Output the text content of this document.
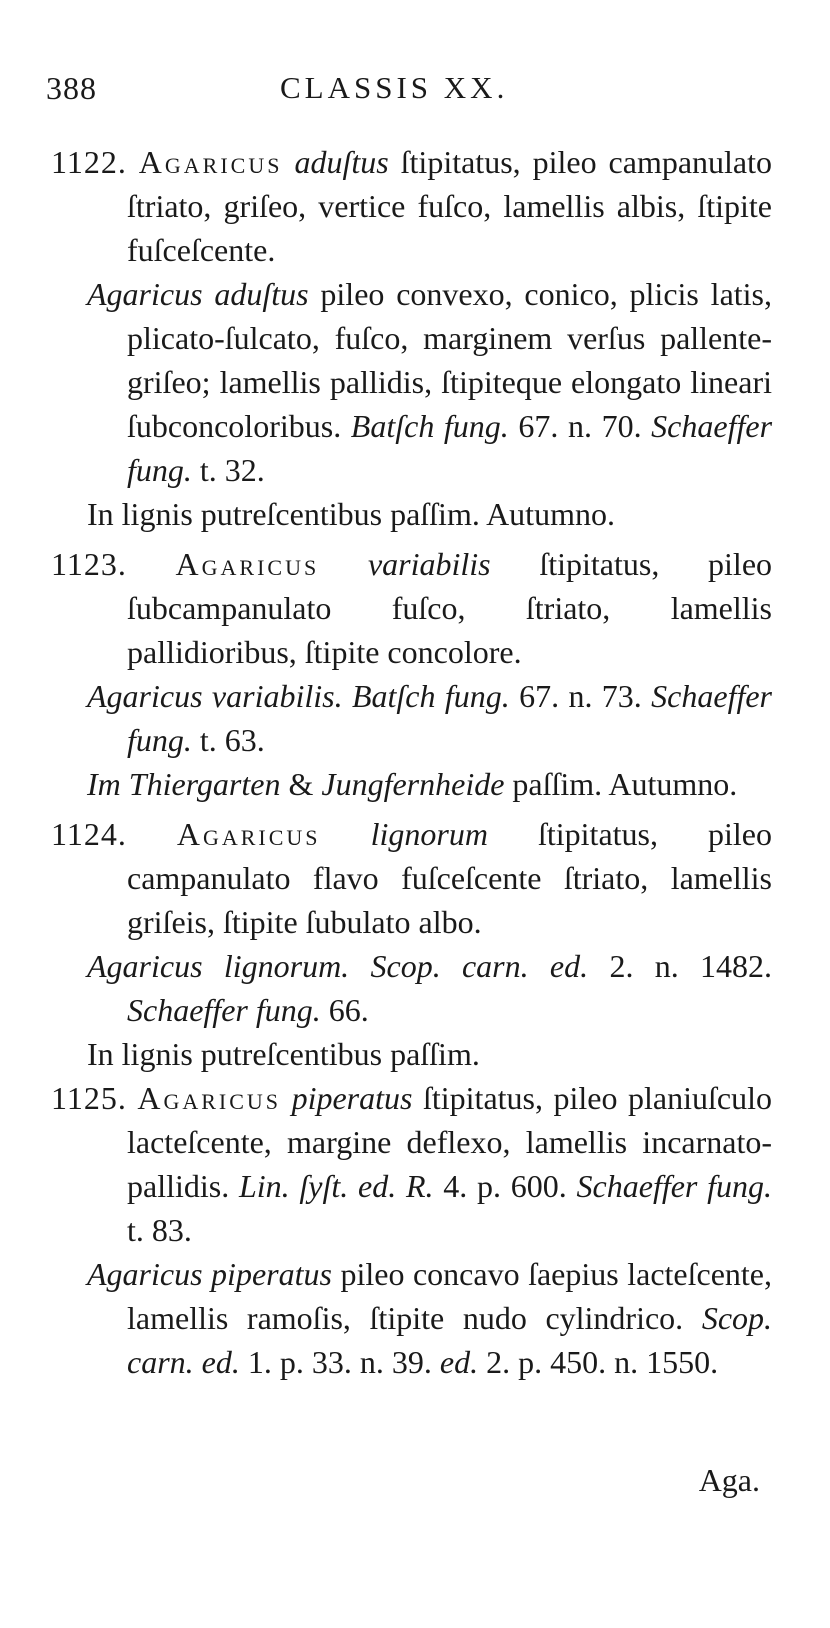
388	CLASSIS XX.

1122. Agaricus aduſtus ſtipitatus, pileo campanulato ſtriato, griſeo, vertice fuſco, lamellis albis, ſtipite fuſceſcente.

Agaricus aduſtus pileo convexo, conico, plicis latis, plicato-ſulcato, fuſco, marginem verſus pallente-griſeo; lamellis pallidis, ſtipiteque elongato lineari ſubconcoloribus. Batſch fung. 67. n. 70. Schaeffer fung. t. 32.

In lignis putreſcentibus paſſim. Autumno.

1123. Agaricus variabilis ſtipitatus, pileo ſubcampanulato fuſco, ſtriato, lamellis pallidioribus, ſtipite concolore.

Agaricus variabilis. Batſch fung. 67. n. 73. Schaeffer fung. t. 63.

Im Thiergarten & Jungfernheide paſſim. Autumno.

1124. Agaricus lignorum ſtipitatus, pileo campanulato flavo fuſceſcente ſtriato, lamellis griſeis, ſtipite ſubulato albo.

Agaricus lignorum. Scop. carn. ed. 2. n. 1482. Schaeffer fung. 66.

In lignis putreſcentibus paſſim.

1125. Agaricus piperatus ſtipitatus, pileo planiuſculo lacteſcente, margine deflexo, lamellis incarnato-pallidis. Lin. ſyſt. ed. R. 4. p. 600. Schaeffer fung. t. 83.

Agaricus piperatus pileo concavo ſaepius lacteſcente, lamellis ramoſis, ſtipite nudo cylindrico. Scop. carn. ed. 1. p. 33. n. 39. ed. 2. p. 450. n. 1550.

Aga.
